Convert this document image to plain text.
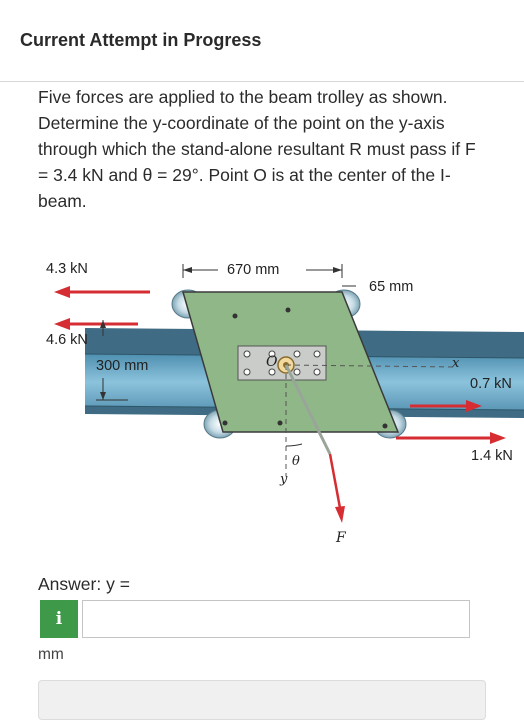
Current Attempt in Progress
Five forces are applied to the beam trolley as shown. Determine the y-coordinate of the point on the y-axis through which the stand-alone resultant R must pass if F = 3.4 kN and θ = 29°. Point O is at the center of the I-beam.
4.3 kN
4.6 kN
670 mm
65 mm
300 mm
0.7 kN
1.4 kN
O	x
y
θ
F
Answer: y =
i
mm
